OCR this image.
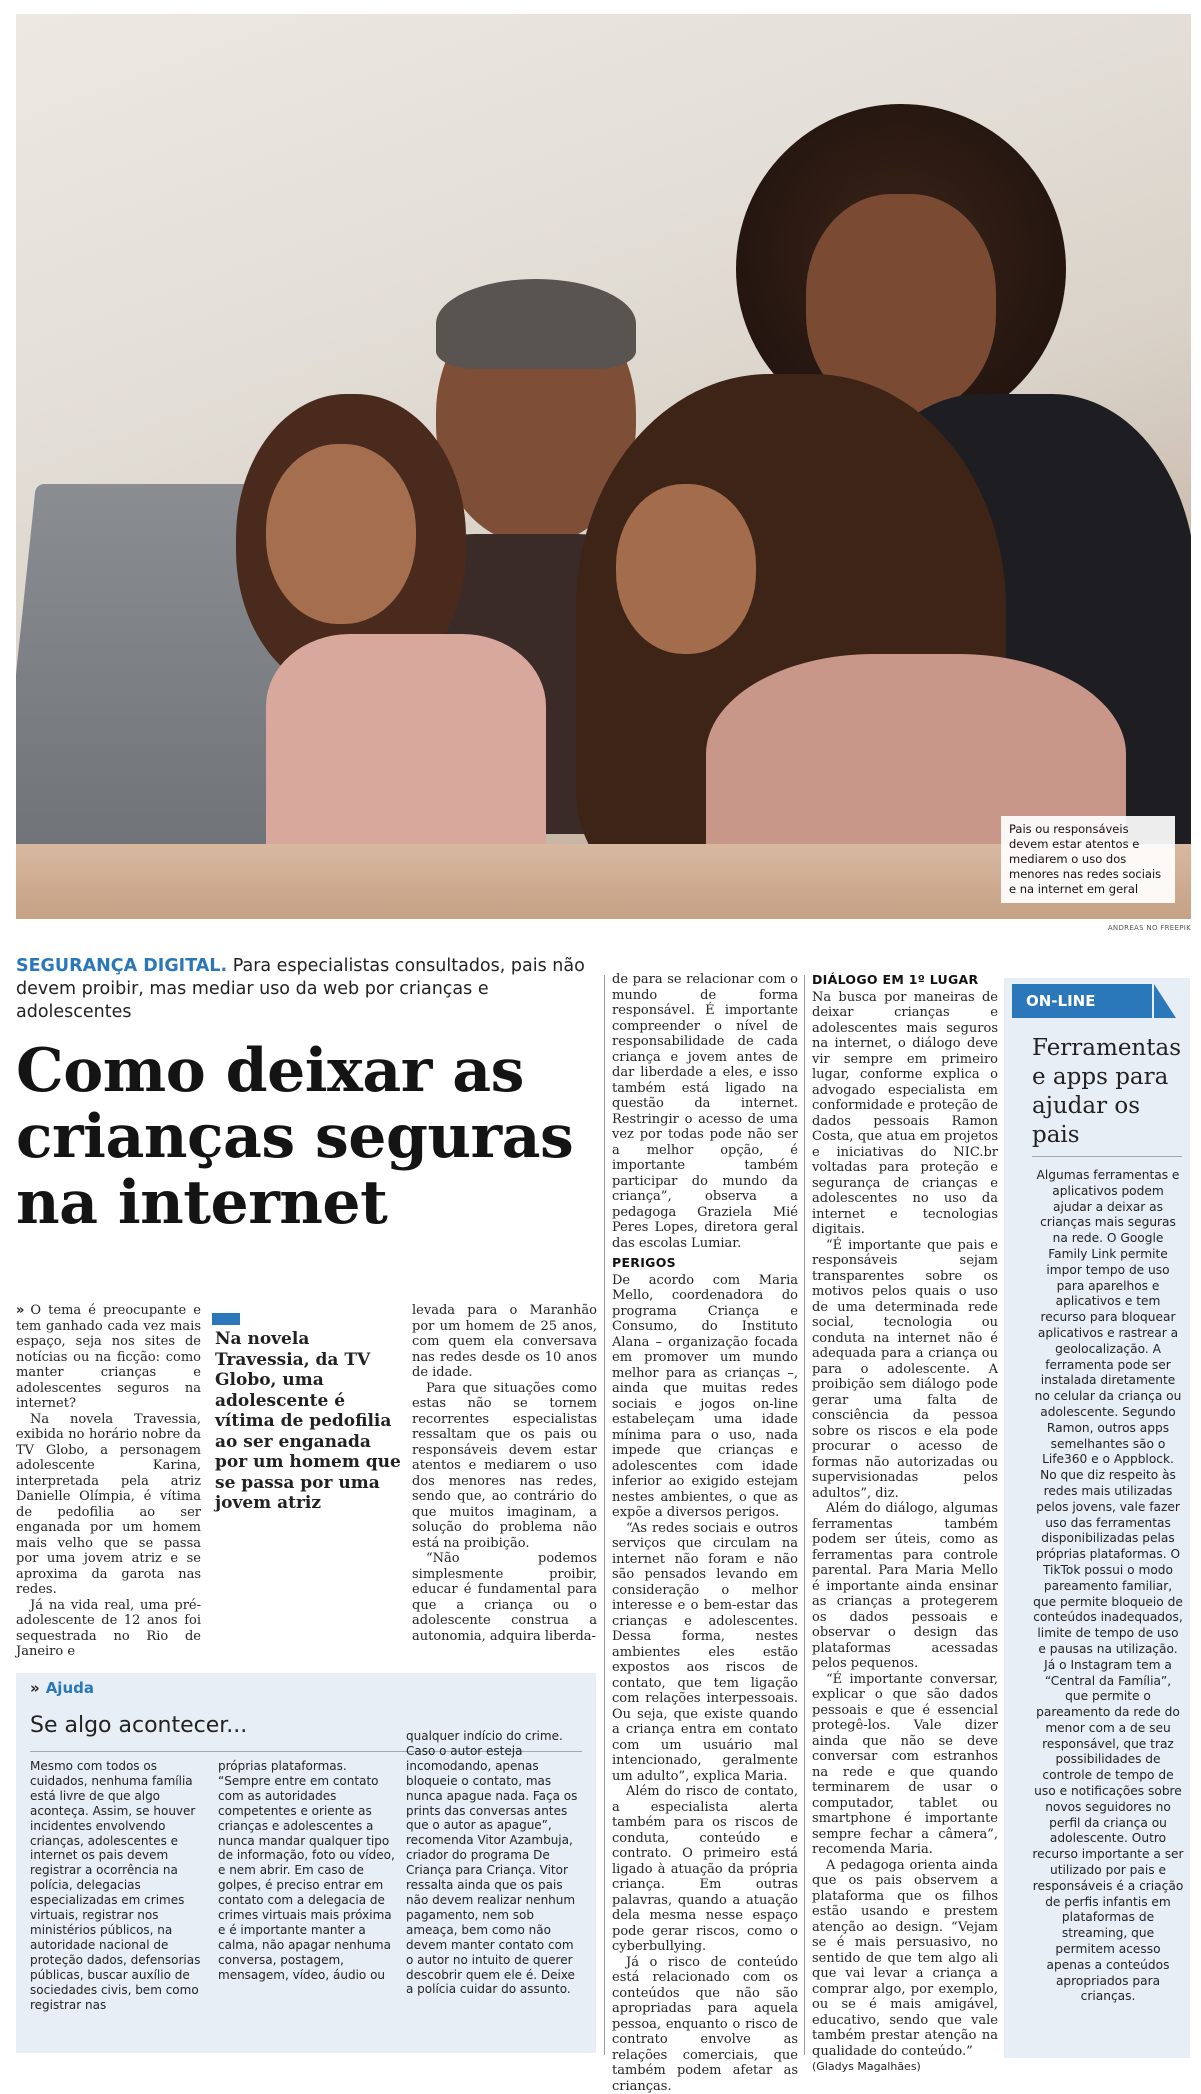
Pais ou responsáveis devem estar atentos e mediarem o uso dos menores nas redes sociais e na internet em geral
ANDREAS NO FREEPIK
SEGURANÇA DIGITAL. Para especialistas consultados, pais não devem proibir, mas mediar uso da web por crianças e adolescentes
Como deixar as crianças seguras na internet

» O tema é preocupante e tem ganhado cada vez mais espaço, seja nos sites de notícias ou na ficção: como manter crianças e adolescentes seguros na internet?

Na novela Travessia, exibida no horário nobre da TV Globo, a personagem adolescente Karina, interpretada pela atriz Danielle Olímpia, é vítima de pedofilia ao ser enganada por um homem mais velho que se passa por uma jovem atriz e se aproxima da garota nas redes.

Já na vida real, uma pré-adolescente de 12 anos foi sequestrada no Rio de Janeiro e

Na novela Travessia, da TV Globo, uma adolescente é vítima de pedofilia ao ser enganada por um homem que se passa por uma jovem atriz

levada para o Maranhão por um homem de 25 anos, com quem ela conversava nas redes desde os 10 anos de idade.

Para que situações como estas não se tornem recorrentes especialistas ressaltam que os pais ou responsáveis devem estar atentos e mediarem o uso dos menores nas redes, sendo que, ao contrário do que muitos imaginam, a solução do problema não está na proibição.

“Não podemos simplesmente proibir, educar é fundamental para que a criança ou o adolescente construa a autonomia, adquira liberda-

de para se relacionar com o mundo de forma responsável. É importante compreender o nível de responsabilidade de cada criança e jovem antes de dar liberdade a eles, e isso também está ligado na questão da internet. Restringir o acesso de uma vez por todas pode não ser a melhor opção, é importante também participar do mundo da criança”, observa a pedagoga Graziela Mié Peres Lopes, diretora geral das escolas Lumiar.

PERIGOS

De acordo com Maria Mello, coordenadora do programa Criança e Consumo, do Instituto Alana – organização focada em promover um mundo melhor para as crianças –, ainda que muitas redes sociais e jogos on-line estabeleçam uma idade mínima para o uso, nada impede que crianças e adolescentes com idade inferior ao exigido estejam nestes ambientes, o que as expõe a diversos perigos.

“As redes sociais e outros serviços que circulam na internet não foram e não são pensados levando em consideração o melhor interesse e o bem-estar das crianças e adolescentes. Dessa forma, nestes ambientes eles estão expostos aos riscos de contato, que tem ligação com relações interpessoais. Ou seja, que existe quando a criança entra em contato com um usuário mal intencionado, geralmente um adulto”, explica Maria.

Além do risco de contato, a especialista alerta também para os riscos de conduta, conteúdo e contrato. O primeiro está ligado à atuação da própria criança. Em outras palavras, quando a atuação dela mesma nesse espaço pode gerar riscos, como o cyberbullying.

Já o risco de conteúdo está relacionado com os conteúdos que não são apropriadas para aquela pessoa, enquanto o risco de contrato envolve as relações comerciais, que também podem afetar as crianças.

DIÁLOGO EM 1º LUGAR

Na busca por maneiras de deixar crianças e adolescentes mais seguros na internet, o diálogo deve vir sempre em primeiro lugar, conforme explica o advogado especialista em conformidade e proteção de dados pessoais Ramon Costa, que atua em projetos e iniciativas do NIC.br voltadas para proteção e segurança de crianças e adolescentes no uso da internet e tecnologias digitais.

“É importante que pais e responsáveis sejam transparentes sobre os motivos pelos quais o uso de uma determinada rede social, tecnologia ou conduta na internet não é adequada para a criança ou para o adolescente. A proibição sem diálogo pode gerar uma falta de consciência da pessoa sobre os riscos e ela pode procurar o acesso de formas não autorizadas ou supervisionadas pelos adultos”, diz.

Além do diálogo, algumas ferramentas também podem ser úteis, como as ferramentas para controle parental. Para Maria Mello é importante ainda ensinar as crianças a protegerem os dados pessoais e observar o design das plataformas acessadas pelos pequenos.

“É importante conversar, explicar o que são dados pessoais e que é essencial protegê-los. Vale dizer ainda que não se deve conversar com estranhos na rede e que quando terminarem de usar o computador, tablet ou smartphone é importante sempre fechar a câmera”, recomenda Maria.

A pedagoga orienta ainda que os pais observem a plataforma que os filhos estão usando e prestem atenção ao design. “Vejam se é mais persuasivo, no sentido de que tem algo ali que vai levar a criança a comprar algo, por exemplo, ou se é mais amigável, educativo, sendo que vale também prestar atenção na qualidade do conteúdo.”

(Gladys Magalhães)
» Ajuda
Se algo acontecer...
Mesmo com todos os cuidados, nenhuma família está livre de que algo aconteça. Assim, se houver incidentes envolvendo crianças, adolescentes e internet os pais devem registrar a ocorrência na polícia, delegacias especializadas em crimes virtuais, registrar nos ministérios públicos, na autoridade nacional de proteção dados, defensorias públicas, buscar auxílio de sociedades civis, bem como registrar nas
próprias plataformas. “Sempre entre em contato com as autoridades competentes e oriente as crianças e adolescentes a nunca mandar qualquer tipo de informação, foto ou vídeo, e nem abrir. Em caso de golpes, é preciso entrar em contato com a delegacia de crimes virtuais mais próxima e é importante manter a calma, não apagar nenhuma conversa, postagem, mensagem, vídeo, áudio ou
qualquer indício do crime. Caso o autor esteja incomodando, apenas bloqueie o contato, mas nunca apague nada. Faça os prints das conversas antes que o autor as apague”, recomenda Vitor Azambuja, criador do programa De Criança para Criança. Vitor ressalta ainda que os pais não devem realizar nenhum pagamento, nem sob ameaça, bem como não devem manter contato com o autor no intuito de querer descobrir quem ele é. Deixe a polícia cuidar do assunto.
ON-LINE
Ferramentas e apps para ajudar os pais
Algumas ferramentas e aplicativos podem ajudar a deixar as crianças mais seguras na rede. O Google Family Link permite impor tempo de uso para aparelhos e aplicativos e tem recurso para bloquear aplicativos e rastrear a geolocalização. A ferramenta pode ser instalada diretamente no celular da criança ou adolescente. Segundo Ramon, outros apps semelhantes são o Life360 e o Appblock. No que diz respeito às redes mais utilizadas pelos jovens, vale fazer uso das ferramentas disponibilizadas pelas próprias plataformas. O TikTok possui o modo pareamento familiar, que permite bloqueio de conteúdos inadequados, limite de tempo de uso e pausas na utilização. Já o Instagram tem a “Central da Família”, que permite o pareamento da rede do menor com a de seu responsável, que traz possibilidades de controle de tempo de uso e notificações sobre novos seguidores no perfil da criança ou adolescente. Outro recurso importante a ser utilizado por pais e responsáveis é a criação de perfis infantis em plataformas de streaming, que permitem acesso apenas a conteúdos apropriados para crianças.
